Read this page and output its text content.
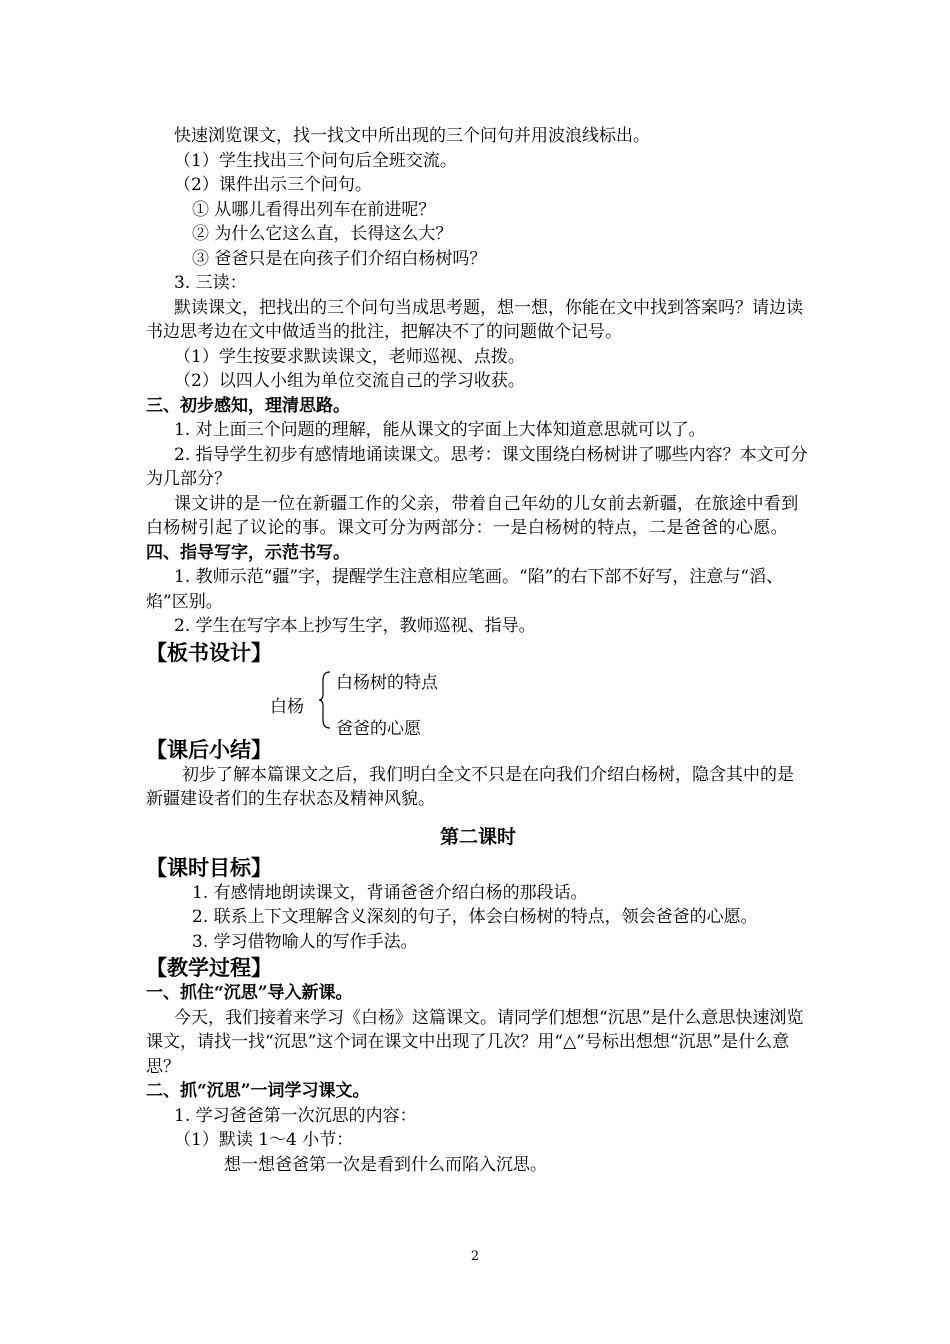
快速浏览课文，找一找文中所出现的三个问句并用波浪线标出。
（1）学生找出三个问句后全班交流。
（2）课件出示三个问句。
① 从哪儿看得出列车在前进呢？
② 为什么它这么直，长得这么大？
③ 爸爸只是在向孩子们介绍白杨树吗？
3. 三读：
默读课文，把找出的三个问句当成思考题，想一想，你能在文中找到答案吗？请边读书边思考边在文中做适当的批注，把解决不了的问题做个记号。
（1）学生按要求默读课文，老师巡视、点拨。
（2）以四人小组为单位交流自己的学习收获。
三、初步感知，理清思路。
1. 对上面三个问题的理解，能从课文的字面上大体知道意思就可以了。
2. 指导学生初步有感情地诵读课文。思考：课文围绕白杨树讲了哪些内容？本文可分为几部分？
课文讲的是一位在新疆工作的父亲，带着自己年幼的儿女前去新疆，在旅途中看到白杨树引起了议论的事。课文可分为两部分：一是白杨树的特点，二是爸爸的心愿。
四、指导写字，示范书写。
1. 教师示范“疆”字，提醒学生注意相应笔画。“陷”的右下部不好写，注意与“滔、焰”区别。
2. 学生在写字本上抄写生字，教师巡视、指导。
【板书设计】
白杨
白杨树的特点
爸爸的心愿
【课后小结】
初步了解本篇课文之后，我们明白全文不只是在向我们介绍白杨树，隐含其中的是新疆建设者们的生存状态及精神风貌。
第二课时
【课时目标】
1. 有感情地朗读课文，背诵爸爸介绍白杨的那段话。
2. 联系上下文理解含义深刻的句子，体会白杨树的特点，领会爸爸的心愿。
3. 学习借物喻人的写作手法。
【教学过程】
一、抓住“沉思”导入新课。
今天，我们接着来学习《白杨》这篇课文。请同学们想想“沉思”是什么意思快速浏览课文，请找一找“沉思”这个词在课文中出现了几次？用“△”号标出想想“沉思”是什么意思？
二、抓“沉思”一词学习课文。
1. 学习爸爸第一次沉思的内容：
（1）默读 1～4 小节：
想一想爸爸第一次是看到什么而陷入沉思。
2
